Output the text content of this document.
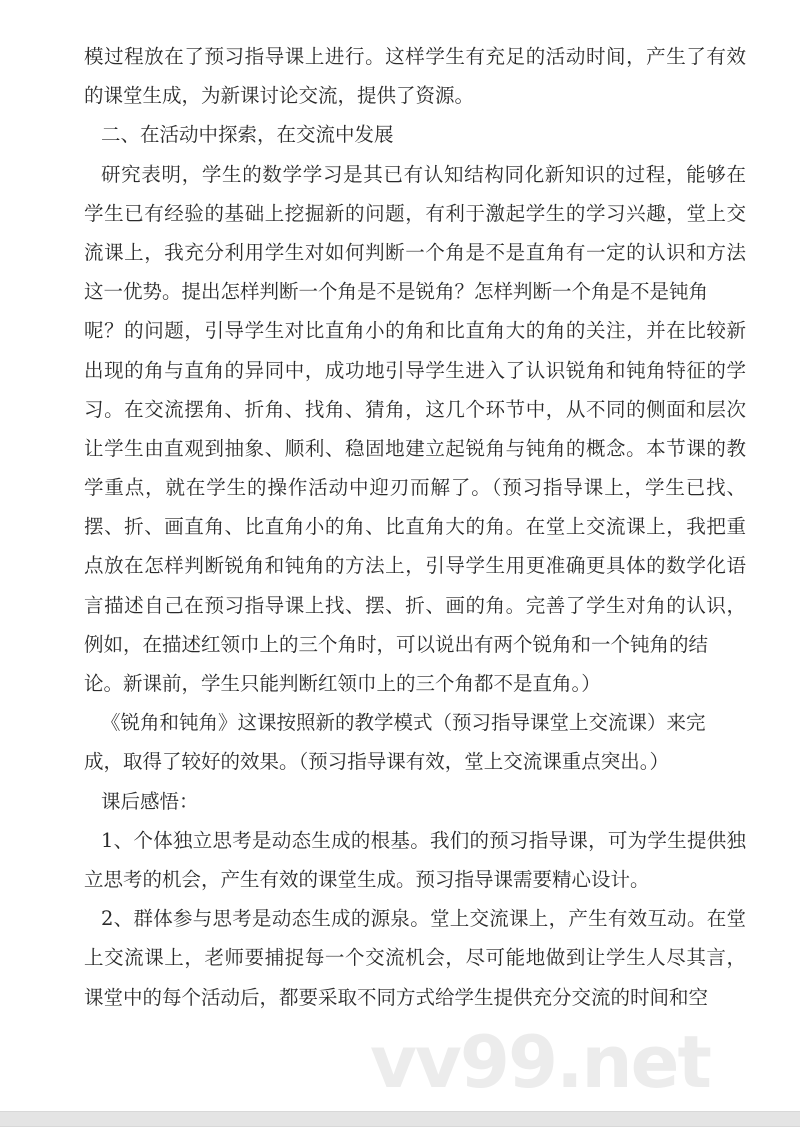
模过程放在了预习指导课上进行。这样学生有充足的活动时间，产生了有效
的课堂生成，为新课讨论交流，提供了资源。
二、在活动中探索，在交流中发展
研究表明，学生的数学学习是其已有认知结构同化新知识的过程，能够在
学生已有经验的基础上挖掘新的问题，有利于激起学生的学习兴趣，堂上交
流课上，我充分利用学生对如何判断一个角是不是直角有一定的认识和方法
这一优势。提出怎样判断一个角是不是锐角？怎样判断一个角是不是钝角
呢？的问题，引导学生对比直角小的角和比直角大的角的关注，并在比较新
出现的角与直角的异同中，成功地引导学生进入了认识锐角和钝角特征的学
习。在交流摆角、折角、找角、猜角，这几个环节中，从不同的侧面和层次
让学生由直观到抽象、顺利、稳固地建立起锐角与钝角的概念。本节课的教
学重点，就在学生的操作活动中迎刃而解了。（预习指导课上，学生已找、
摆、折、画直角、比直角小的角、比直角大的角。在堂上交流课上，我把重
点放在怎样判断锐角和钝角的方法上，引导学生用更准确更具体的数学化语
言描述自己在预习指导课上找、摆、折、画的角。完善了学生对角的认识，
例如，在描述红领巾上的三个角时，可以说出有两个锐角和一个钝角的结
论。新课前，学生只能判断红领巾上的三个角都不是直角。）
《锐角和钝角》这课按照新的教学模式（预习指导课堂上交流课）来完
成，取得了较好的效果。（预习指导课有效，堂上交流课重点突出。）
课后感悟：
1、个体独立思考是动态生成的根基。我们的预习指导课，可为学生提供独
立思考的机会，产生有效的课堂生成。预习指导课需要精心设计。
2、群体参与思考是动态生成的源泉。堂上交流课上，产生有效互动。在堂
上交流课上，老师要捕捉每一个交流机会，尽可能地做到让学生人尽其言，
课堂中的每个活动后，都要采取不同方式给学生提供充分交流的时间和空
vv99.net
